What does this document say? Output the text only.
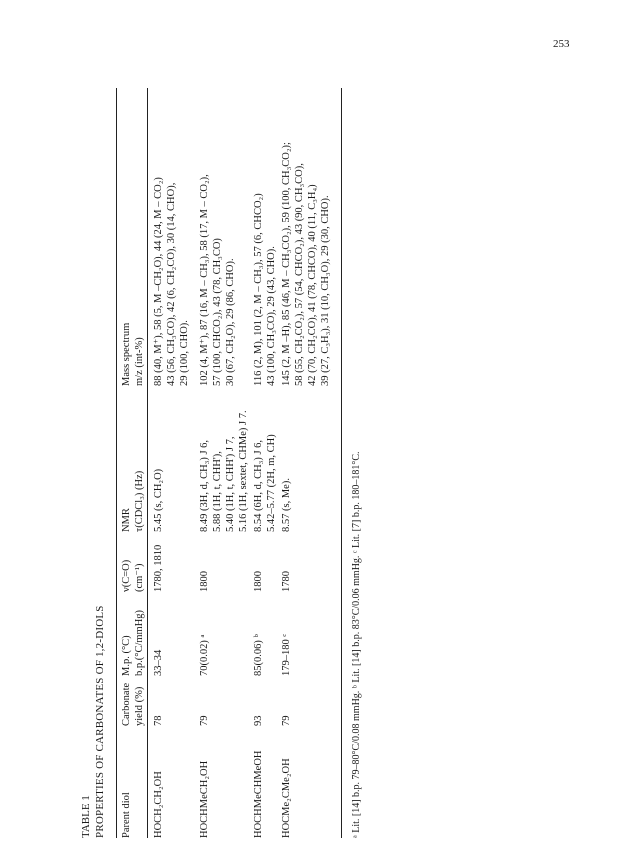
253
TABLE 1 PROPERTIES OF CARBONATES OF 1,2-DIOLS Parent diol
Carbonate yield (%)
M.p. (°C) b.p.(°C/mmHg)
ν(C=O) (cm⁻¹)
NMR τ(CDCl₃) (Hz)
Mass spectrum m/z (int-%)
HOCH₂CH₂OH
78
33–34
1780, 1810
5.45 (s, CH₂O)
88 (40, M⁺), 58 (5, M –CH₂O), 44 (24, M – CO₂) 43 (56, CH₃CO), 42 (6, CH₂CO), 30 (14, CHO), 29 (100, CHO).
HOCHMeCH₂OH
79
70(0.02) ᵃ
1800
8.49 (3H, d, CH₃) J 6, 5.88 (1H, t, CHH'), 5.40 (1H, t, CHH') J 7, 5.16 (1H, sextet, CHMe) J 7.
102 (4, M⁺), 87 (16, M – CH₃), 58 (17, M – CO₂), 57 (100, CHCO₂), 43 (78, CH₃CO) 30 (67, CH₂O), 29 (86, CHO).
HOCHMeCHMeOH
93
85(0.06) ᵇ
1800
8.54 (6H, d, CH₃) J 6, 5.42–5.77 (2H, m, CH)
116 (2, M), 101 (2, M – CH₃), 57 (6, CHCO₂) 43 (100, CH₃CO), 29 (43, CHO).
HOCMe₂CMe₂OH
79
179–180 ᶜ
1780
8.57 (s, Me).
145 (2, M –H), 85 (46, M – CH₃CO₂), 59 (100, CH₃CO₂); 58 (55, CH₂CO₂), 57 (54, CHCO₂), 43 (90, CH₃CO), 42 (70, CH₂CO), 41 (78, CHCO), 40 (11, C₃H₄) 39 (27, C₃H₃), 31 (10, CH₃O), 29 (30, CHO).
ᵃ Lit. [14] b.p. 79–80°C/0.08 mmHg. ᵇ Lit. [14] b.p. 83°C/0.06 mmHg. ᶜ Lit. [7] b.p. 180–181°C.
